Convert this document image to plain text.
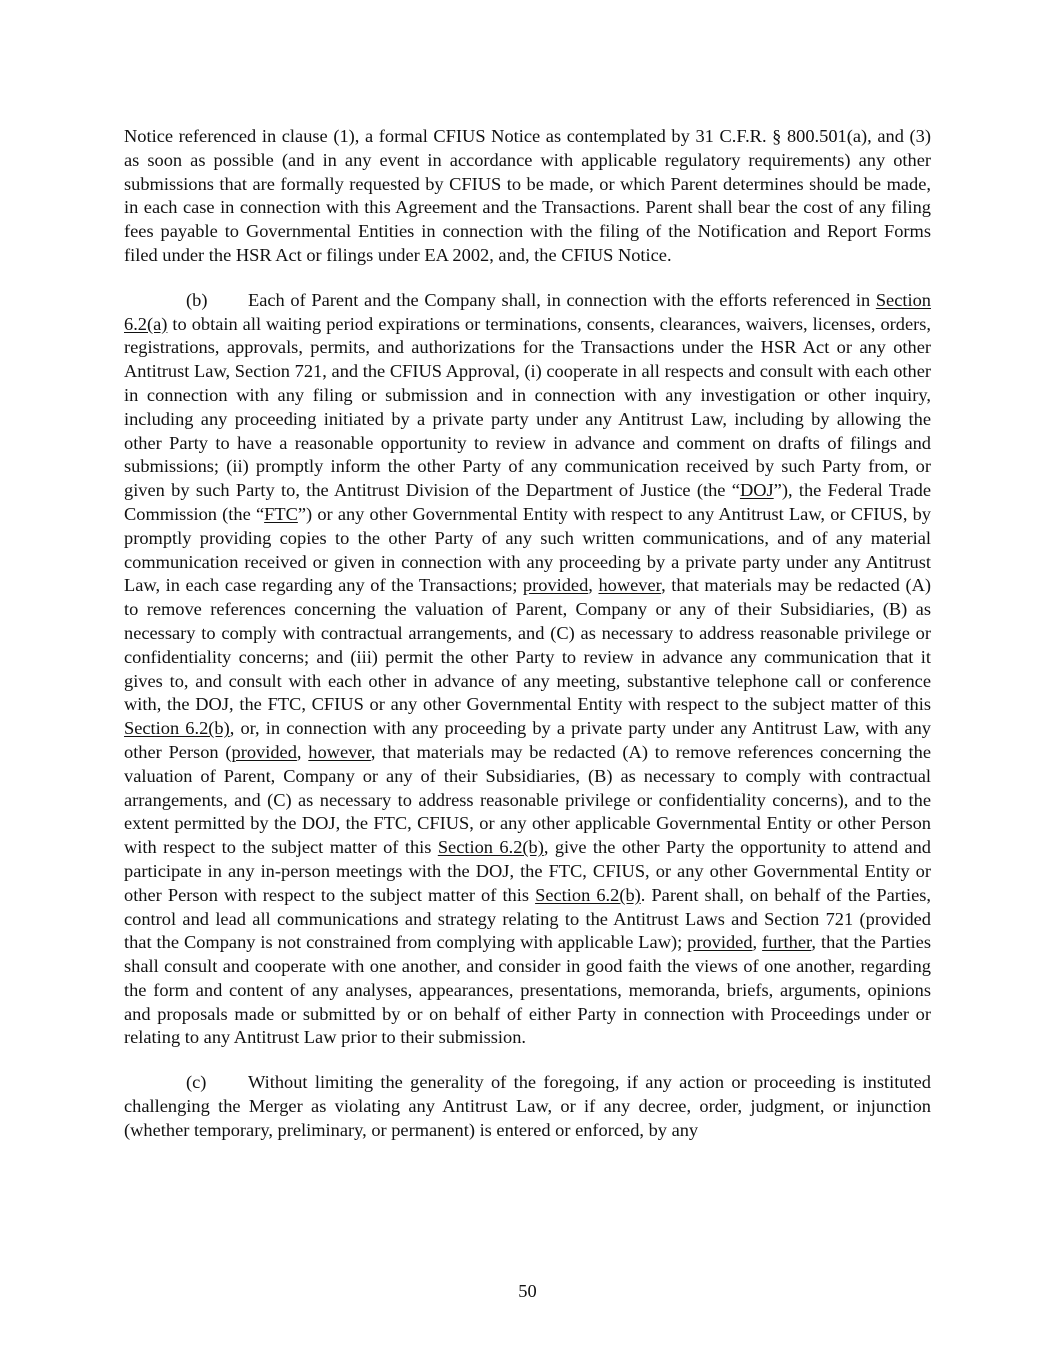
Notice referenced in clause (1), a formal CFIUS Notice as contemplated by 31 C.F.R. § 800.501(a), and (3) as soon as possible (and in any event in accordance with applicable regulatory requirements) any other submissions that are formally requested by CFIUS to be made, or which Parent determines should be made, in each case in connection with this Agreement and the Transactions. Parent shall bear the cost of any filing fees payable to Governmental Entities in connection with the filing of the Notification and Report Forms filed under the HSR Act or filings under EA 2002, and, the CFIUS Notice.

(b) Each of Parent and the Company shall, in connection with the efforts referenced in Section 6.2(a) to obtain all waiting period expirations or terminations, consents, clearances, waivers, licenses, orders, registrations, approvals, permits, and authorizations for the Transactions under the HSR Act or any other Antitrust Law, Section 721, and the CFIUS Approval, (i) cooperate in all respects and consult with each other in connection with any filing or submission and in connection with any investigation or other inquiry, including any proceeding initiated by a private party under any Antitrust Law, including by allowing the other Party to have a reasonable opportunity to review in advance and comment on drafts of filings and submissions; (ii) promptly inform the other Party of any communication received by such Party from, or given by such Party to, the Antitrust Division of the Department of Justice (the “DOJ”), the Federal Trade Commission (the “FTC”) or any other Governmental Entity with respect to any Antitrust Law, or CFIUS, by promptly providing copies to the other Party of any such written communications, and of any material communication received or given in connection with any proceeding by a private party under any Antitrust Law, in each case regarding any of the Transactions; provided, however, that materials may be redacted (A) to remove references concerning the valuation of Parent, Company or any of their Subsidiaries, (B) as necessary to comply with contractual arrangements, and (C) as necessary to address reasonable privilege or confidentiality concerns; and (iii) permit the other Party to review in advance any communication that it gives to, and consult with each other in advance of any meeting, substantive telephone call or conference with, the DOJ, the FTC, CFIUS or any other Governmental Entity with respect to the subject matter of this Section 6.2(b), or, in connection with any proceeding by a private party under any Antitrust Law, with any other Person (provided, however, that materials may be redacted (A) to remove references concerning the valuation of Parent, Company or any of their Subsidiaries, (B) as necessary to comply with contractual arrangements, and (C) as necessary to address reasonable privilege or confidentiality concerns), and to the extent permitted by the DOJ, the FTC, CFIUS, or any other applicable Governmental Entity or other Person with respect to the subject matter of this Section 6.2(b), give the other Party the opportunity to attend and participate in any in-person meetings with the DOJ, the FTC, CFIUS, or any other Governmental Entity or other Person with respect to the subject matter of this Section 6.2(b). Parent shall, on behalf of the Parties, control and lead all communications and strategy relating to the Antitrust Laws and Section 721 (provided that the Company is not constrained from complying with applicable Law); provided, further, that the Parties shall consult and cooperate with one another, and consider in good faith the views of one another, regarding the form and content of any analyses, appearances, presentations, memoranda, briefs, arguments, opinions and proposals made or submitted by or on behalf of either Party in connection with Proceedings under or relating to any Antitrust Law prior to their submission.

(c) Without limiting the generality of the foregoing, if any action or proceeding is instituted challenging the Merger as violating any Antitrust Law, or if any decree, order, judgment, or injunction (whether temporary, preliminary, or permanent) is entered or enforced, by any

50
